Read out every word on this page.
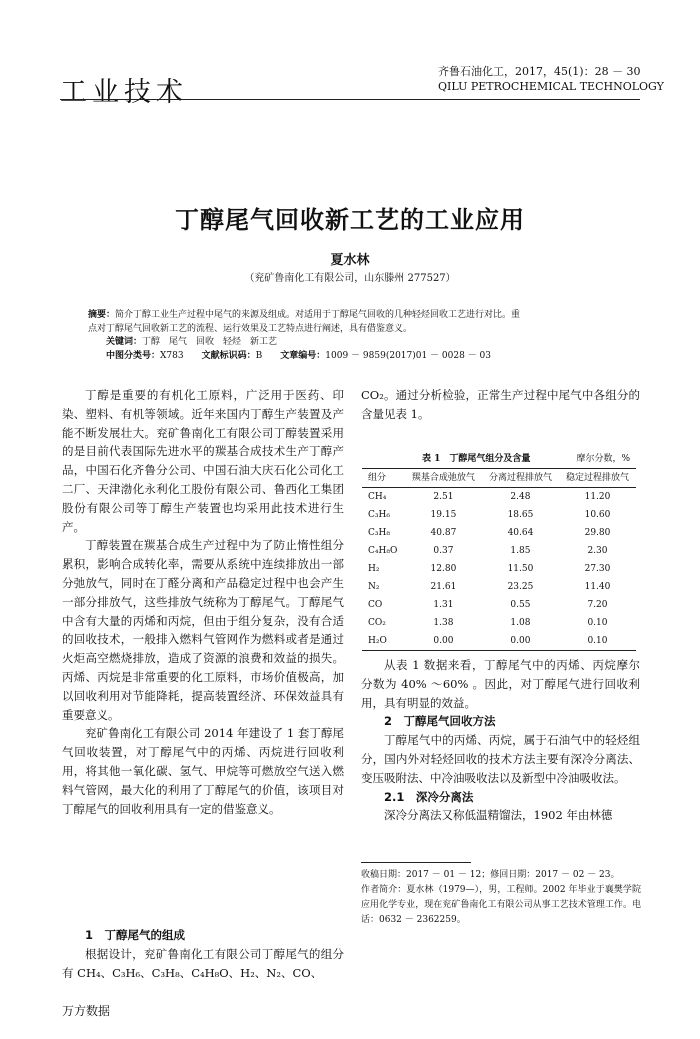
工业技术
齐鲁石油化工，2017，45(1)：28 － 30
QILU PETROCHEMICAL TECHNOLOGY
丁醇尾气回收新工艺的工业应用
夏水林
（兖矿鲁南化工有限公司，山东滕州 277527）
摘要：简介丁醇工业生产过程中尾气的来源及组成。对适用于丁醇尾气回收的几种轻烃回收工艺进行对比。重
点对丁醇尾气回收新工艺的流程、运行效果及工艺特点进行阐述，具有借鉴意义。
关键词：丁醇　尾气　回收　轻烃　新工艺
中图分类号：X783　　 文献标识码：B　　 文章编号：1009 － 9859(2017)01 － 0028 － 03

丁醇是重要的有机化工原料，广泛用于医药、印染、塑料、有机等领域。近年来国内丁醇生产装置及产能不断发展壮大。兖矿鲁南化工有限公司丁醇装置采用的是目前代表国际先进水平的羰基合成技术生产丁醇产品，中国石化齐鲁分公司、中国石油大庆石化公司化工二厂、天津渤化永利化工股份有限公司、鲁西化工集团股份有限公司等丁醇生产装置也均采用此技术进行生产。

丁醇装置在羰基合成生产过程中为了防止惰性组分累积，影响合成转化率，需要从系统中连续排放出一部分弛放气，同时在丁醛分离和产品稳定过程中也会产生一部分排放气，这些排放气统称为丁醇尾气。丁醇尾气中含有大量的丙烯和丙烷，但由于组分复杂，没有合适的回收技术，一般排入燃料气管网作为燃料或者是通过火炬高空燃烧排放，造成了资源的浪费和效益的损失。丙烯、丙烷是非常重要的化工原料，市场价值极高，加以回收利用对节能降耗，提高装置经济、环保效益具有重要意义。

兖矿鲁南化工有限公司 2014 年建设了 1 套丁醇尾气回收装置，对丁醇尾气中的丙烯、丙烷进行回收利用，将其他一氧化碳、氢气、甲烷等可燃放空气送入燃料气管网，最大化的利用了丁醇尾气的价值，该项目对丁醇尾气的回收利用具有一定的借鉴意义。

1　丁醇尾气的组成

根据设计，兖矿鲁南化工有限公司丁醇尾气的组分有 CH₄、C₃H₆、C₃H₈、C₄H₈O、H₂、N₂、CO、

CO₂。通过分析检验，正常生产过程中尾气中各组分的含量见表 1。

表 1　丁醇尾气组分及含量	摩尔分数，%
组分	羰基合成弛放气	分离过程排放气	稳定过程排放气
CH₄	2.51	2.48	11.20
C₃H₆	19.15	18.65	10.60
C₃H₈	40.87	40.64	29.80
C₄H₈O	0.37	1.85	2.30
H₂	12.80	11.50	27.30
N₂	21.61	23.25	11.40
CO	1.31	0.55	7.20
CO₂	1.38	1.08	0.10
H₂O	0.00	0.00	0.10

从表 1 数据来看，丁醇尾气中的丙烯、丙烷摩尔分数为 40% ～60% 。因此，对丁醇尾气进行回收利用，具有明显的效益。

2　丁醇尾气回收方法

丁醇尾气中的丙烯、丙烷，属于石油气中的轻烃组分，国内外对轻烃回收的技术方法主要有深冷分离法、变压吸附法、中冷油吸收法以及新型中冷油吸收法。

2.1　深冷分离法

深冷分离法又称低温精馏法，1902 年由林德

收稿日期：2017 － 01 － 12；修回日期：2017 － 02 － 23。
作者简介：夏水林（1979—），男，工程师。2002 年毕业于襄樊学院应用化学专业，现在兖矿鲁南化工有限公司从事工艺技术管理工作。电话：0632 － 2362259。
万方数据
